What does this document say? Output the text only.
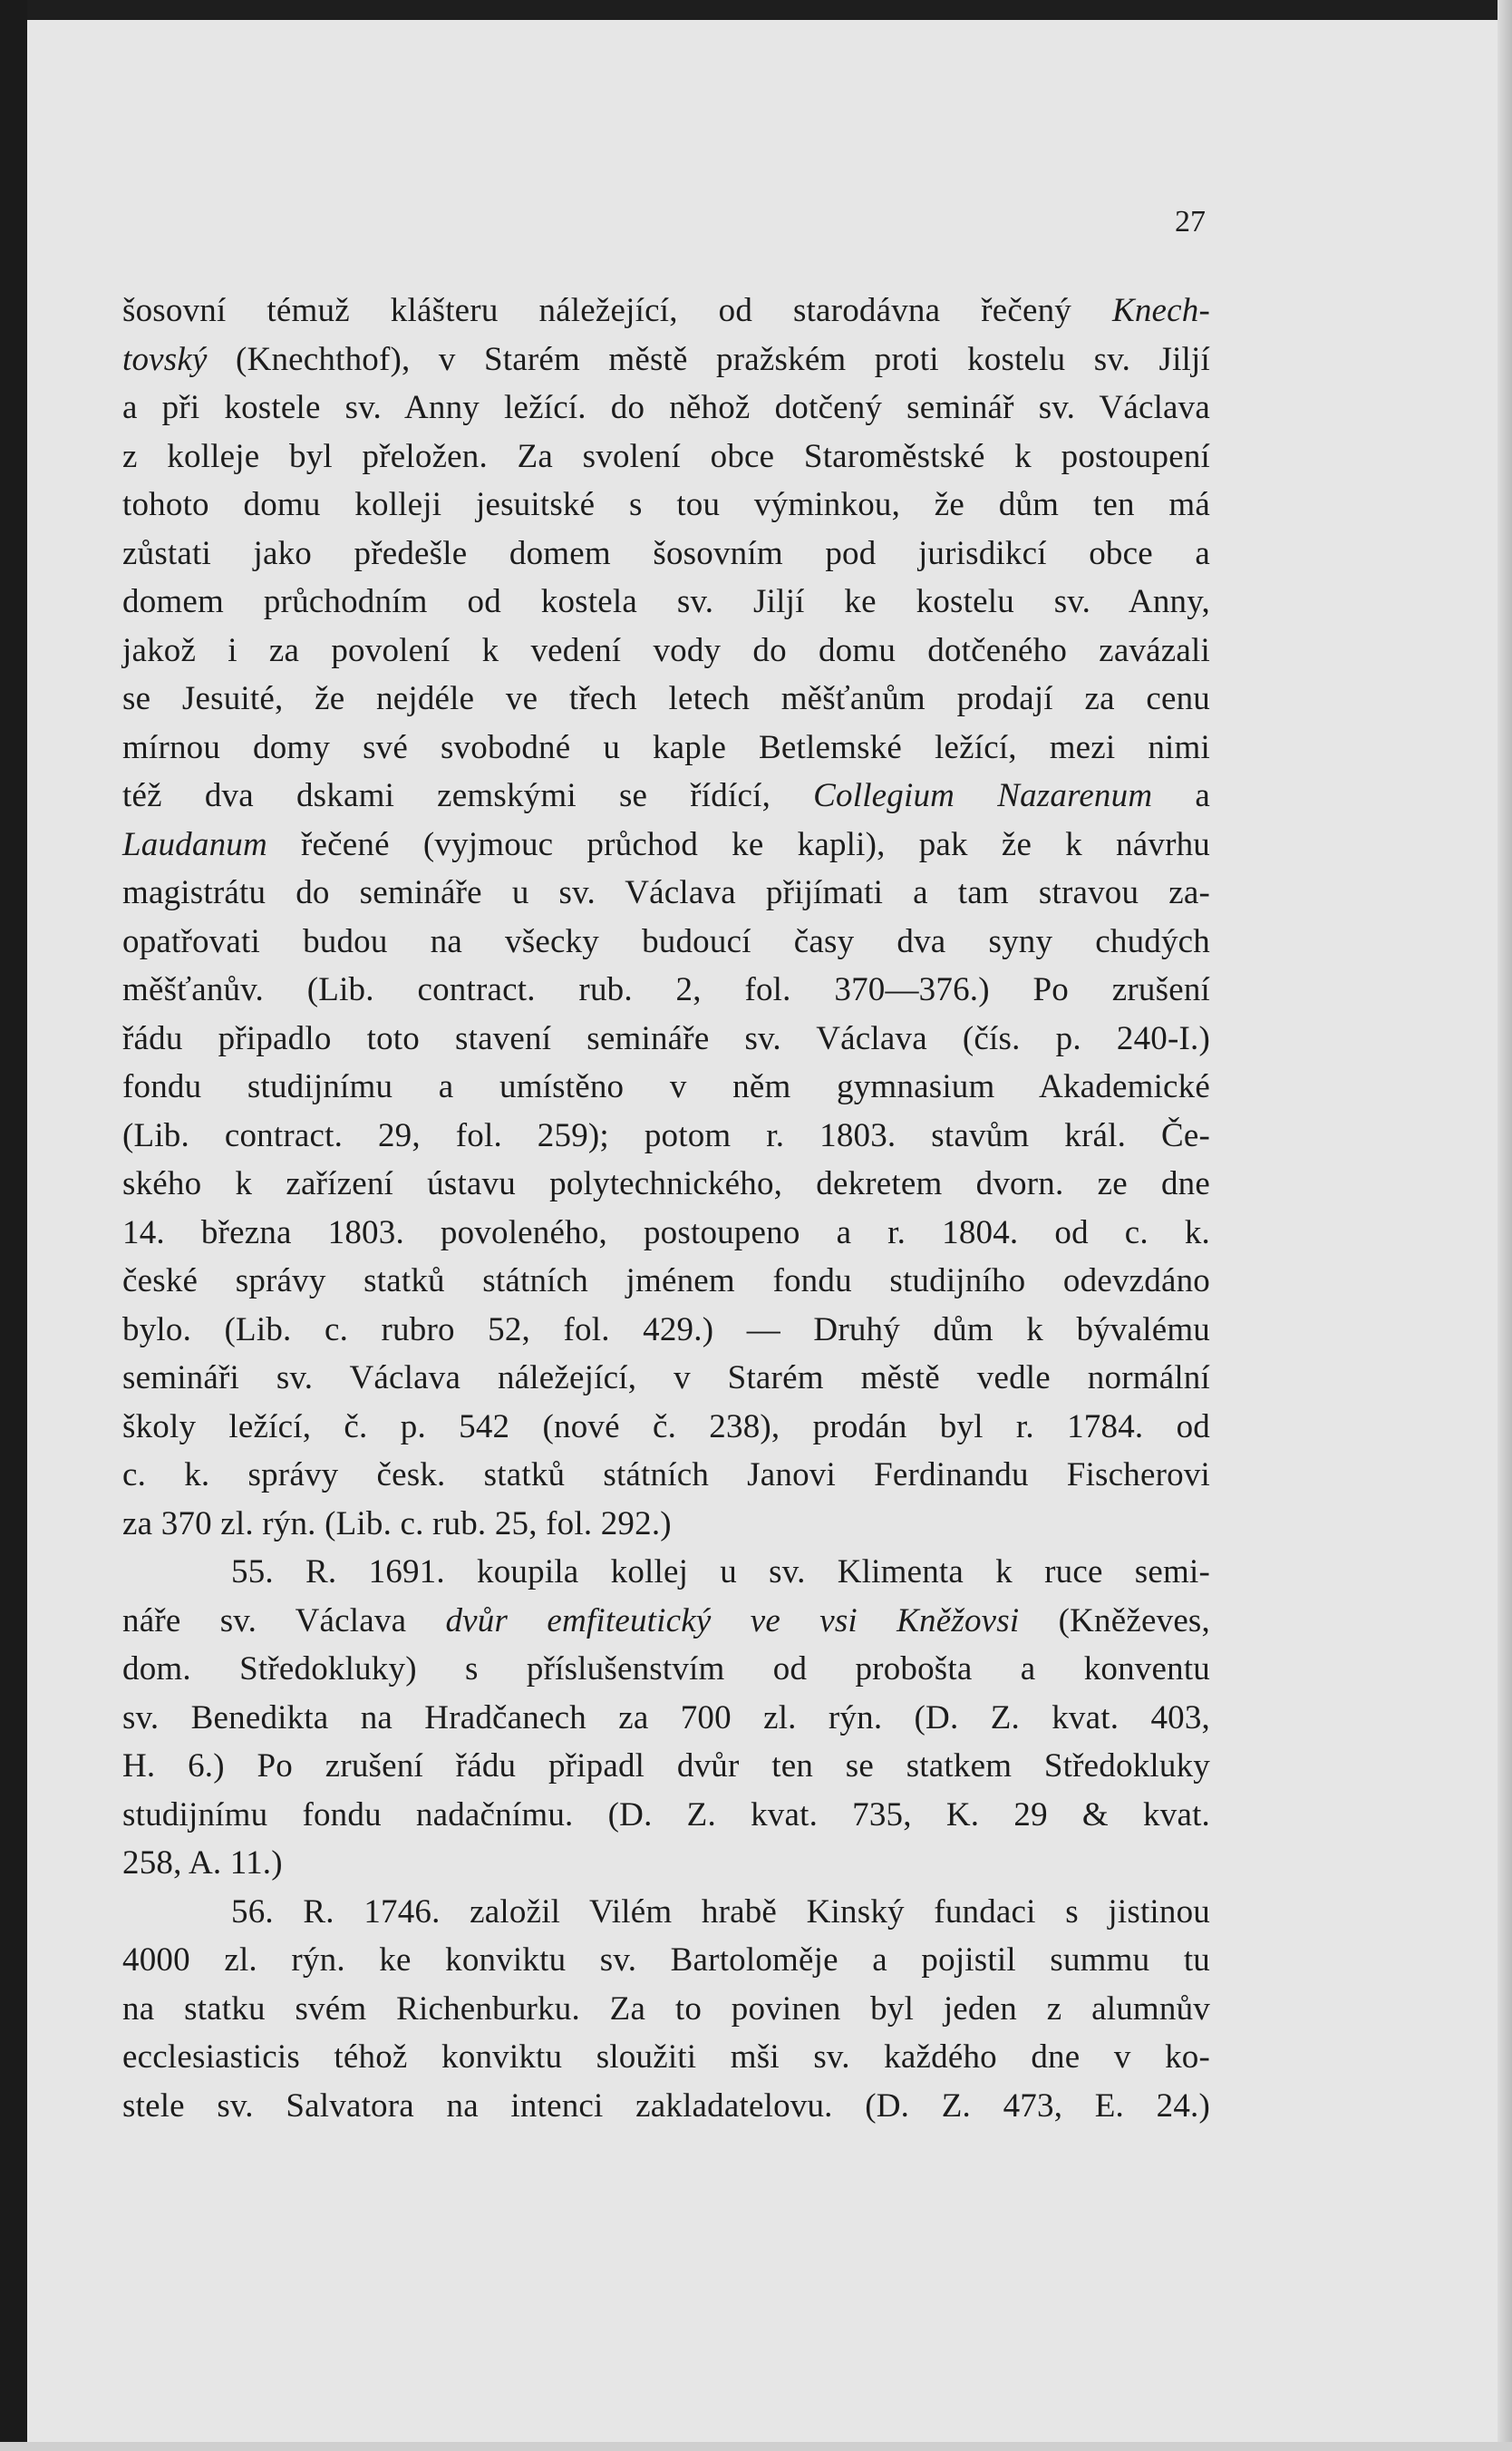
27
šosovní témuž klášteru náležející, od starodávna řečený Knech-
tovský (Knechthof), v Starém městě pražském proti kostelu sv. Jiljí
a při kostele sv. Anny ležící. do něhož dotčený seminář sv. Václava
z kolleje byl přeložen. Za svolení obce Staroměstské k postoupení
tohoto domu kolleji jesuitské s tou výminkou, že dům ten má
zůstati jako předešle domem šosovním pod jurisdikcí obce a
domem průchodním od kostela sv. Jiljí ke kostelu sv. Anny,
jakož i za povolení k vedení vody do domu dotčeného zavázali
se Jesuité, že nejdéle ve třech letech měšťanům prodají za cenu
mírnou domy své svobodné u kaple Betlemské ležící, mezi nimi
též dva dskami zemskými se řídící, Collegium Nazarenum a
Laudanum řečené (vyjmouc průchod ke kapli), pak že k návrhu
magistrátu do semináře u sv. Václava přijímati a tam stravou za-
opatřovati budou na všecky budoucí časy dva syny chudých
měšťanův. (Lib. contract. rub. 2, fol. 370—376.) Po zrušení
řádu připadlo toto stavení semináře sv. Václava (čís. p. 240-I.)
fondu studijnímu a umístěno v něm gymnasium Akademické
(Lib. contract. 29, fol. 259); potom r. 1803. stavům král. Če-
ského k zařízení ústavu polytechnického, dekretem dvorn. ze dne
14. března 1803. povoleného, postoupeno a r. 1804. od c. k.
české správy statků státních jménem fondu studijního odevzdáno
bylo. (Lib. c. rubro 52, fol. 429.) — Druhý dům k bývalému
semináři sv. Václava náležející, v Starém městě vedle normální
školy ležící, č. p. 542 (nové č. 238), prodán byl r. 1784. od
c. k. správy česk. statků státních Janovi Ferdinandu Fischerovi
za 370 zl. rýn. (Lib. c. rub. 25, fol. 292.)
55. R. 1691. koupila kollej u sv. Klimenta k ruce semi-
náře sv. Václava dvůr emfiteutický ve vsi Kněžovsi (Kněževes,
dom. Středokluky) s příslušenstvím od probošta a konventu
sv. Benedikta na Hradčanech za 700 zl. rýn. (D. Z. kvat. 403,
H. 6.) Po zrušení řádu připadl dvůr ten se statkem Středokluky
studijnímu fondu nadačnímu. (D. Z. kvat. 735, K. 29 & kvat.
258, A. 11.)
56. R. 1746. založil Vilém hrabě Kinský fundaci s jistinou
4000 zl. rýn. ke konviktu sv. Bartoloměje a pojistil summu tu
na statku svém Richenburku. Za to povinen byl jeden z alumnův
ecclesiasticis téhož konviktu sloužiti mši sv. každého dne v ko-
stele sv. Salvatora na intenci zakladatelovu. (D. Z. 473, E. 24.)
